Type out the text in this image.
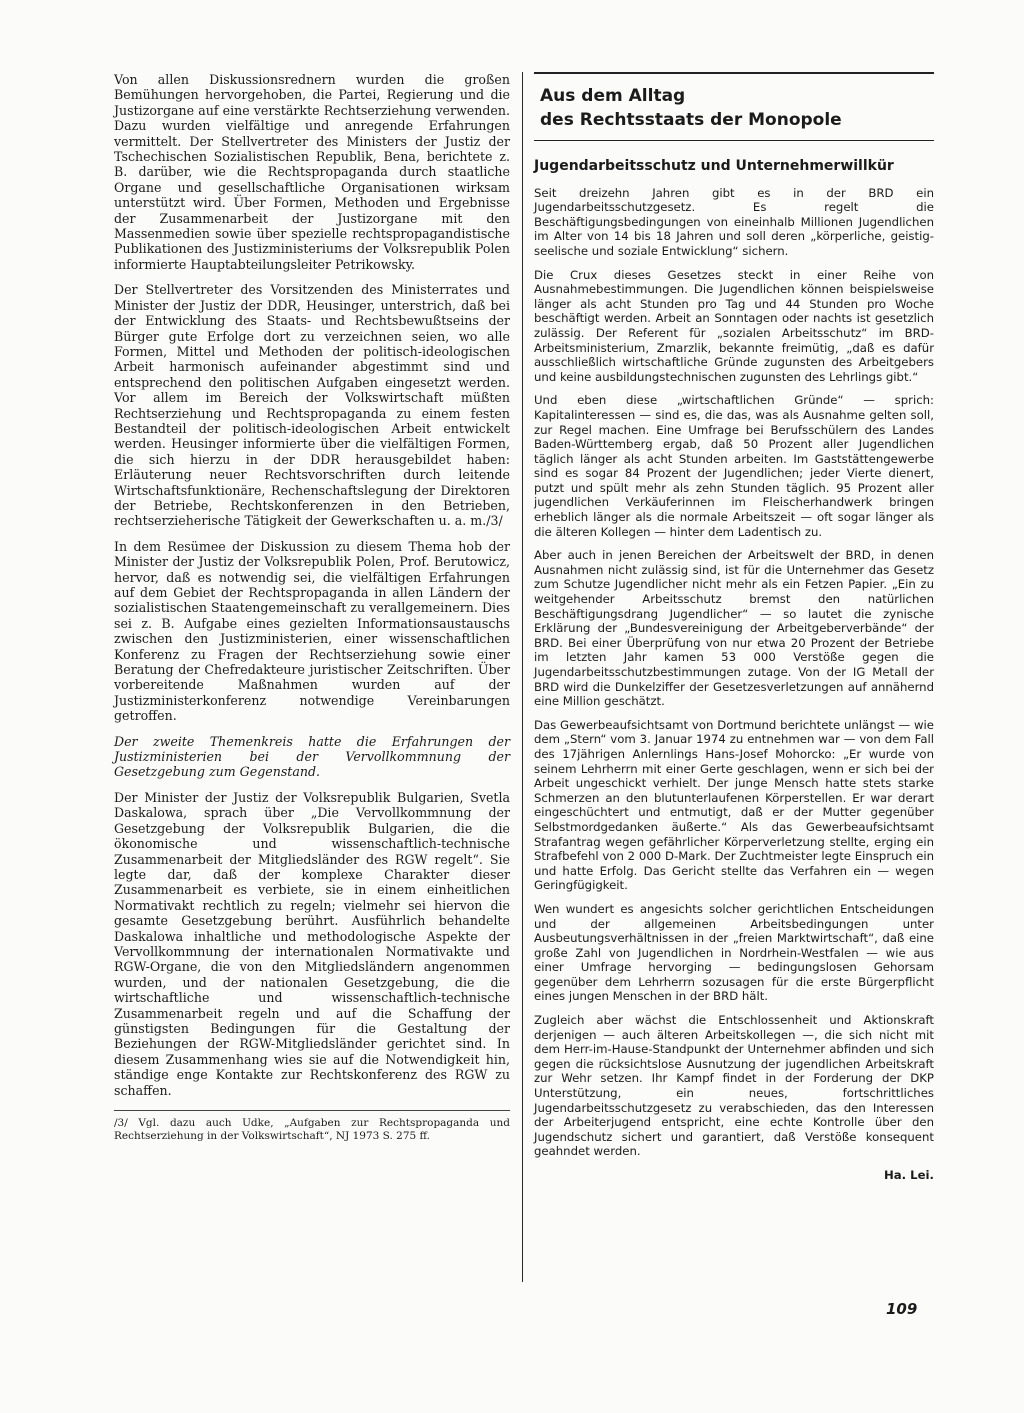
Von allen Diskussionsrednern wurden die großen Bemühungen hervorgehoben, die Partei, Regierung und die Justizorgane auf eine verstärkte Rechtserziehung verwenden. Dazu wurden vielfältige und anregende Erfahrungen vermittelt. Der Stellvertreter des Ministers der Justiz der Tschechischen Sozialistischen Republik, Bena, berichtete z. B. darüber, wie die Rechtspropaganda durch staatliche Organe und gesellschaftliche Organisationen wirksam unterstützt wird. Über Formen, Methoden und Ergebnisse der Zusammenarbeit der Justizorgane mit den Massenmedien sowie über spezielle rechtspropagandistische Publikationen des Justizministeriums der Volksrepublik Polen informierte Hauptabteilungsleiter Petrikowsky.

Der Stellvertreter des Vorsitzenden des Ministerrates und Minister der Justiz der DDR, Heusinger, unterstrich, daß bei der Entwicklung des Staats- und Rechtsbewußtseins der Bürger gute Erfolge dort zu verzeichnen seien, wo alle Formen, Mittel und Methoden der politisch-ideologischen Arbeit harmonisch aufeinander abgestimmt sind und entsprechend den politischen Aufgaben eingesetzt werden. Vor allem im Bereich der Volkswirtschaft müßten Rechtserziehung und Rechtspropaganda zu einem festen Bestandteil der politisch-ideologischen Arbeit entwickelt werden. Heusinger informierte über die vielfältigen Formen, die sich hierzu in der DDR herausgebildet haben: Erläuterung neuer Rechtsvorschriften durch leitende Wirtschaftsfunktionäre, Rechenschaftslegung der Direktoren der Betriebe, Rechtskonferenzen in den Betrieben, rechtserzieherische Tätigkeit der Gewerkschaften u. a. m./3/

In dem Resümee der Diskussion zu diesem Thema hob der Minister der Justiz der Volksrepublik Polen, Prof. Berutowicz, hervor, daß es notwendig sei, die vielfältigen Erfahrungen auf dem Gebiet der Rechtspropaganda in allen Ländern der sozialistischen Staatengemeinschaft zu verallgemeinern. Dies sei z. B. Aufgabe eines gezielten Informationsaustauschs zwischen den Justizministerien, einer wissenschaftlichen Konferenz zu Fragen der Rechtserziehung sowie einer Beratung der Chefredakteure juristischer Zeitschriften. Über vorbereitende Maßnahmen wurden auf der Justizministerkonferenz notwendige Vereinbarungen getroffen.

Der zweite Themenkreis hatte die Erfahrungen der Justizministerien bei der Vervollkommnung der Gesetzgebung zum Gegenstand.

Der Minister der Justiz der Volksrepublik Bulgarien, Svetla Daskalowa, sprach über „Die Vervollkommnung der Gesetzgebung der Volksrepublik Bulgarien, die die ökonomische und wissenschaftlich-technische Zusammenarbeit der Mitgliedsländer des RGW regelt“. Sie legte dar, daß der komplexe Charakter dieser Zusammenarbeit es verbiete, sie in einem einheitlichen Normativakt rechtlich zu regeln; vielmehr sei hiervon die gesamte Gesetzgebung berührt. Ausführlich behandelte Daskalowa inhaltliche und methodologische Aspekte der Vervollkommnung der internationalen Normativakte und RGW-Organe, die von den Mitgliedsländern angenommen wurden, und der nationalen Gesetzgebung, die die wirtschaftliche und wissenschaftlich-technische Zusammenarbeit regeln und auf die Schaffung der günstigsten Bedingungen für die Gestaltung der Beziehungen der RGW-Mitgliedsländer gerichtet sind. In diesem Zusammenhang wies sie auf die Notwendigkeit hin, ständige enge Kontakte zur Rechtskonferenz des RGW zu schaffen.

/3/ Vgl. dazu auch Udke, „Aufgaben zur Rechtspropaganda und Rechtserziehung in der Volkswirtschaft“, NJ 1973 S. 275 ff.
Aus dem Alltag
des Rechtsstaats der Monopole
Jugendarbeitsschutz und Unternehmerwillkür

Seit dreizehn Jahren gibt es in der BRD ein Jugendarbeitsschutzgesetz. Es regelt die Beschäftigungsbedingungen von eineinhalb Millionen Jugendlichen im Alter von 14 bis 18 Jahren und soll deren „körperliche, geistig-seelische und soziale Entwicklung“ sichern.

Die Crux dieses Gesetzes steckt in einer Reihe von Ausnahmebestimmungen. Die Jugendlichen können beispielsweise länger als acht Stunden pro Tag und 44 Stunden pro Woche beschäftigt werden. Arbeit an Sonntagen oder nachts ist gesetzlich zulässig. Der Referent für „sozialen Arbeitsschutz“ im BRD-Arbeitsministerium, Zmarzlik, bekannte freimütig, „daß es dafür ausschließlich wirtschaftliche Gründe zugunsten des Arbeitgebers und keine ausbildungstechnischen zugunsten des Lehrlings gibt.“

Und eben diese „wirtschaftlichen Gründe“ — sprich: Kapitalinteressen — sind es, die das, was als Ausnahme gelten soll, zur Regel machen. Eine Umfrage bei Berufsschülern des Landes Baden-Württemberg ergab, daß 50 Prozent aller Jugendlichen täglich länger als acht Stunden arbeiten. Im Gaststättengewerbe sind es sogar 84 Prozent der Jugendlichen; jeder Vierte dienert, putzt und spült mehr als zehn Stunden täglich. 95 Prozent aller jugendlichen Verkäuferinnen im Fleischerhandwerk bringen erheblich länger als die normale Arbeitszeit — oft sogar länger als die älteren Kollegen — hinter dem Ladentisch zu.

Aber auch in jenen Bereichen der Arbeitswelt der BRD, in denen Ausnahmen nicht zulässig sind, ist für die Unternehmer das Gesetz zum Schutze Jugendlicher nicht mehr als ein Fetzen Papier. „Ein zu weitgehender Arbeitsschutz bremst den natürlichen Beschäftigungsdrang Jugendlicher“ — so lautet die zynische Erklärung der „Bundesvereinigung der Arbeitgeberverbände“ der BRD. Bei einer Überprüfung von nur etwa 20 Prozent der Betriebe im letzten Jahr kamen 53 000 Verstöße gegen die Jugendarbeitsschutzbestimmungen zutage. Von der IG Metall der BRD wird die Dunkelziffer der Gesetzesverletzungen auf annähernd eine Million geschätzt.

Das Gewerbeaufsichtsamt von Dortmund berichtete unlängst — wie dem „Stern“ vom 3. Januar 1974 zu entnehmen war — von dem Fall des 17jährigen Anlernlings Hans-Josef Mohorcko: „Er wurde von seinem Lehrherrn mit einer Gerte geschlagen, wenn er sich bei der Arbeit ungeschickt verhielt. Der junge Mensch hatte stets starke Schmerzen an den blutunterlaufenen Körperstellen. Er war derart eingeschüchtert und entmutigt, daß er der Mutter gegenüber Selbstmordgedanken äußerte.“ Als das Gewerbeaufsichtsamt Strafantrag wegen gefährlicher Körperverletzung stellte, erging ein Strafbefehl von 2 000 D-Mark. Der Zuchtmeister legte Einspruch ein und hatte Erfolg. Das Gericht stellte das Verfahren ein — wegen Geringfügigkeit.

Wen wundert es angesichts solcher gerichtlichen Entscheidungen und der allgemeinen Arbeitsbedingungen unter Ausbeutungsverhältnissen in der „freien Marktwirtschaft“, daß eine große Zahl von Jugendlichen in Nordrhein-Westfalen — wie aus einer Umfrage hervorging — bedingungslosen Gehorsam gegenüber dem Lehrherrn sozusagen für die erste Bürgerpflicht eines jungen Menschen in der BRD hält.

Zugleich aber wächst die Entschlossenheit und Aktionskraft derjenigen — auch älteren Arbeitskollegen —, die sich nicht mit dem Herr-im-Hause-Standpunkt der Unternehmer abfinden und sich gegen die rücksichtslose Ausnutzung der jugendlichen Arbeitskraft zur Wehr setzen. Ihr Kampf findet in der Forderung der DKP Unterstützung, ein neues, fortschrittliches Jugendarbeitsschutzgesetz zu verabschieden, das den Interessen der Arbeiterjugend entspricht, eine echte Kontrolle über den Jugendschutz sichert und garantiert, daß Verstöße konsequent geahndet werden.

Ha. Lei.
109
